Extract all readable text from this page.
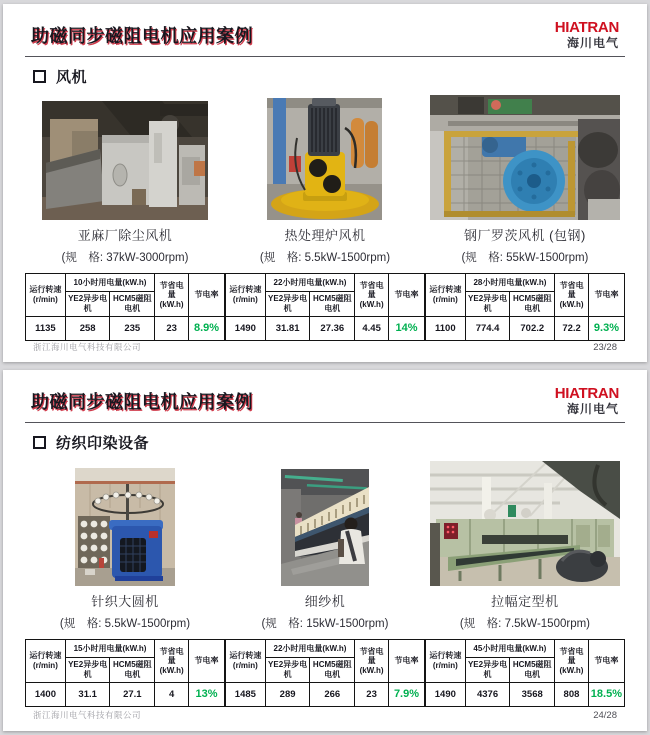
助磁同步磁阻电机应用案例	HIATRAN
海川电气
风机
亚麻厂除尘风机
(规　格: 37kW-3000rpm)
运行转速 (r/min)	10小时用电量(kW.h)		节省电量 (kW.h)	节电率
	YE2异步电机	HCM5磁阻电机		
1135	258	235	23	8.9%
热处理炉风机
(规　格: 5.5kW-1500rpm)
运行转速 (r/min)	22小时用电量(kW.h)		节省电量 (kW.h)	节电率
	YE2异步电机	HCM5磁阻电机		
1490	31.81	27.36	4.45	14%
钢厂罗茨风机 (包钢)
(规　格: 55kW-1500rpm)
运行转速 (r/min)	28小时用电量(kW.h)		节省电量 (kW.h)	节电率
	YE2异步电机	HCM5磁阻电机		
1100	774.4	702.2	72.2	9.3%
浙江海川电气科技有限公司	23/28
助磁同步磁阻电机应用案例	HIATRAN
海川电气
纺织印染设备
针织大圆机
(规　格: 5.5kW-1500rpm)
运行转速 (r/min)	15小时用电量(kW.h)		节省电量 (kW.h)	节电率
	YE2异步电机	HCM5磁阻电机		
1400	31.1	27.1	4	13%
细纱机
(规　格: 15kW-1500rpm)
运行转速 (r/min)	22小时用电量(kW.h)		节省电量 (kW.h)	节电率
	YE2异步电机	HCM5磁阻电机		
1485	289	266	23	7.9%
拉幅定型机
(规　格: 7.5kW-1500rpm)
运行转速 (r/min)	45小时用电量(kW.h)		节省电量 (kW.h)	节电率
	YE2异步电机	HCM5磁阻电机		
1490	4376	3568	808	18.5%
浙江海川电气科技有限公司	24/28
